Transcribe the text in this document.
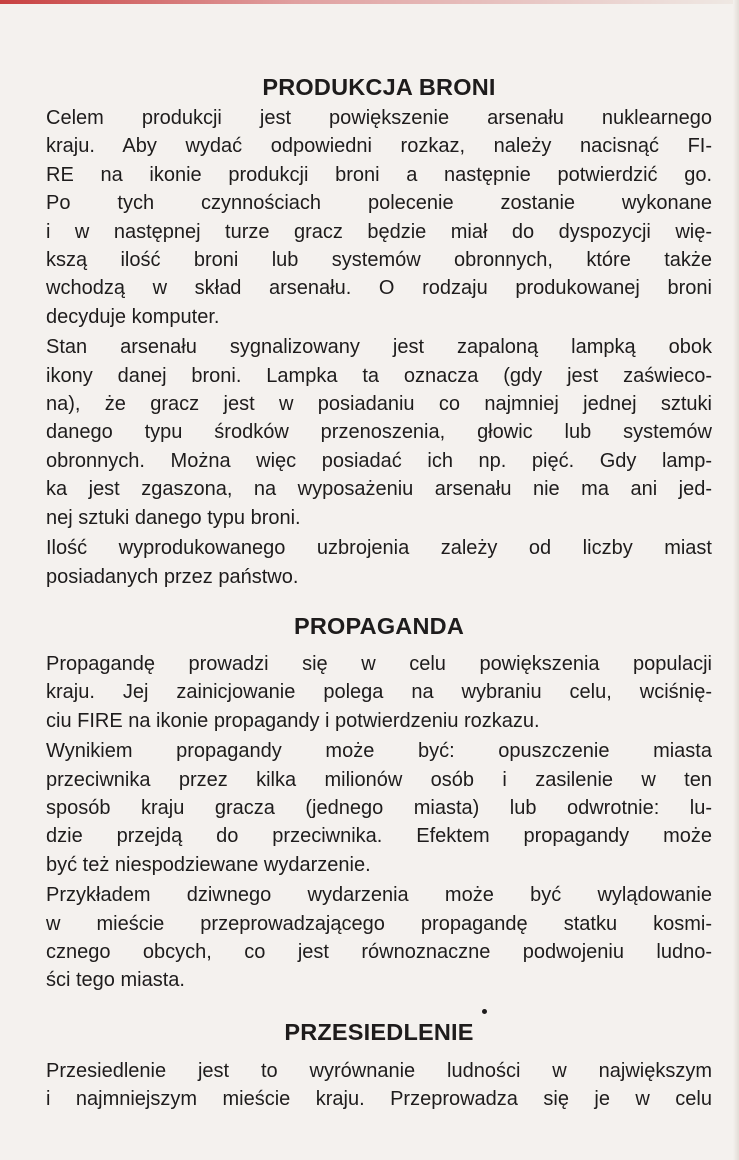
PRODUKCJA BRONI
Celem produkcji jest powiększenie arsenału nuklearnego
kraju. Aby wydać odpowiedni rozkaz, należy nacisnąć FI-
RE na ikonie produkcji broni a następnie potwierdzić go.
Po tych czynnościach polecenie zostanie wykonane
i w następnej turze gracz będzie miał do dyspozycji wię-
kszą ilość broni lub systemów obronnych, które także
wchodzą w skład arsenału. O rodzaju produkowanej broni
decyduje komputer.
Stan arsenału sygnalizowany jest zapaloną lampką obok
ikony danej broni. Lampka ta oznacza (gdy jest zaświeco-
na), że gracz jest w posiadaniu co najmniej jednej sztuki
danego typu środków przenoszenia, głowic lub systemów
obronnych. Można więc posiadać ich np. pięć. Gdy lamp-
ka jest zgaszona, na wyposażeniu arsenału nie ma ani jed-
nej sztuki danego typu broni.
Ilość wyprodukowanego uzbrojenia zależy od liczby miast
posiadanych przez państwo.
PROPAGANDA
Propagandę prowadzi się w celu powiększenia populacji
kraju. Jej zainicjowanie polega na wybraniu celu, wciśnię-
ciu FIRE na ikonie propagandy i potwierdzeniu rozkazu.
Wynikiem propagandy może być: opuszczenie miasta
przeciwnika przez kilka milionów osób i zasilenie w ten
sposób kraju gracza (jednego miasta) lub odwrotnie: lu-
dzie przejdą do przeciwnika. Efektem propagandy może
być też niespodziewane wydarzenie.
Przykładem dziwnego wydarzenia może być wylądowanie
w mieście przeprowadzającego propagandę statku kosmi-
cznego obcych, co jest równoznaczne podwojeniu ludno-
ści tego miasta.
PRZESIEDLENIE
Przesiedlenie jest to wyrównanie ludności w największym
i najmniejszym mieście kraju. Przeprowadza się je w celu
